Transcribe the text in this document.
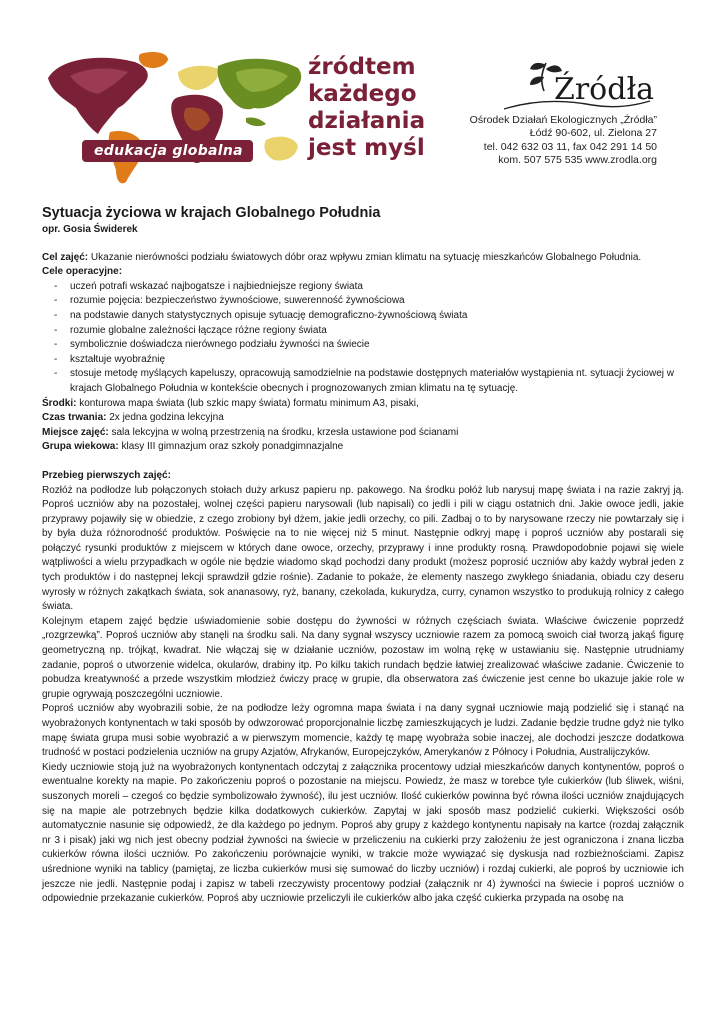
edukacja globalna
źródtem
każdego
działania
jest myśl
Źródła
Ośrodek Działań Ekologicznych „Źródła”
Łódź 90-602, ul. Zielona 27
tel. 042 632 03 11, fax 042 291 14 50
kom. 507 575 535 www.zrodla.org
Sytuacja życiowa w krajach Globalnego Południa
opr. Gosia Świderek

Cel zajęć: Ukazanie nierówności podziału światowych dóbr oraz wpływu zmian klimatu na sytuację mieszkańców Globalnego Południa.

Cele operacyjne:
- uczeń potrafi wskazać najbogatsze i najbiedniejsze regiony świata
- rozumie pojęcia: bezpieczeństwo żywnościowe, suwerenność żywnościowa
- na podstawie danych statystycznych opisuje sytuację demograficzno-żywnościową świata
- rozumie globalne zależności łączące różne regiony świata
- symbolicznie doświadcza nierównego podziału żywności na świecie
- kształtuje wyobraźnię
- stosuje metodę myślących kapeluszy, opracowują samodzielnie na podstawie dostępnych materiałów wystąpienia nt. sytuacji życiowej w krajach Globalnego Południa w kontekście obecnych i prognozowanych zmian klimatu na tę sytuację.

Środki: konturowa mapa świata (lub szkic mapy świata) formatu minimum A3, pisaki,

Czas trwania: 2x jedna godzina lekcyjna

Miejsce zajęć: sala lekcyjna w wolną przestrzenią na środku, krzesła ustawione pod ścianami

Grupa wiekowa: klasy III gimnazjum oraz szkoły ponadgimnazjalne

Przebieg pierwszych zajęć:

Rozłóż na podłodze lub połączonych stołach duży arkusz papieru np. pakowego. Na środku połóż lub narysuj mapę świata i na razie zakryj ją. Poproś uczniów aby na pozostałej, wolnej części papieru narysowali (lub napisali) co jedli i pili w ciągu ostatnich dni. Jakie owoce jedli, jakie przyprawy pojawiły się w obiedzie, z czego zrobiony był dżem, jakie jedli orzechy, co pili. Zadbaj o to by narysowane rzeczy nie powtarzały się i by była duża różnorodność produktów. Poświęcie na to nie więcej niż 5 minut. Następnie odkryj mapę i poproś uczniów aby postarali się połączyć rysunki produktów z miejscem w których dane owoce, orzechy, przyprawy i inne produkty rosną. Prawdopodobnie pojawi się wiele wątpliwości a wielu przypadkach w ogóle nie będzie wiadomo skąd pochodzi dany produkt (możesz poprosić uczniów aby każdy wybrał jeden z tych produktów i do następnej lekcji sprawdził gdzie rośnie). Zadanie to pokaże, że elementy naszego zwykłego śniadania, obiadu czy deseru wyrosły w różnych zakątkach świata, sok ananasowy, ryż, banany, czekolada, kukurydza, curry, cynamon wszystko to produkują rolnicy z całego świata.

Kolejnym etapem zajęć będzie uświadomienie sobie dostępu do żywności w różnych częściach świata. Właściwe ćwiczenie poprzedź „rozgrzewką”. Poproś uczniów aby stanęli na środku sali. Na dany sygnał wszyscy uczniowie razem za pomocą swoich ciał tworzą jakąś figurę geometryczną np. trójkąt, kwadrat. Nie włączaj się w działanie uczniów, pozostaw im wolną rękę w ustawianiu się. Następnie utrudniamy zadanie, poproś o utworzenie widelca, okularów, drabiny itp. Po kilku takich rundach będzie łatwiej zrealizować właściwe zadanie. Ćwiczenie to pobudza kreatywność a przede wszystkim młodzież ćwiczy pracę w grupie, dla obserwatora zaś ćwiczenie jest cenne bo ukazuje jakie role w grupie ogrywają poszczególni uczniowie.

Poproś uczniów aby wyobrazili sobie, że na podłodze leży ogromna mapa świata i na dany sygnał uczniowie mają podzielić się i stanąć na wyobrażonych kontynentach w taki sposób by odwzorować proporcjonalnie liczbę zamieszkujących je ludzi. Zadanie będzie trudne gdyż nie tylko mapę świata grupa musi sobie wyobrazić a w pierwszym momencie, każdy tę mapę wyobraża sobie inaczej, ale dochodzi jeszcze dodatkowa trudność w postaci podzielenia uczniów na grupy Azjatów, Afrykanów, Europejczyków, Amerykanów z Północy i Południa, Australijczyków.

Kiedy uczniowie stoją już na wyobrażonych kontynentach odczytaj z załącznika procentowy udział mieszkańców danych kontynentów, poproś o ewentualne korekty na mapie. Po zakończeniu poproś o pozostanie na miejscu. Powiedz, że masz w torebce tyle cukierków (lub śliwek, wiśni, suszonych moreli – czegoś co będzie symbolizowało żywność), ilu jest uczniów. Ilość cukierków powinna być równa ilości uczniów znajdujących się na mapie ale potrzebnych będzie kilka dodatkowych cukierków. Zapytaj w jaki sposób masz podzielić cukierki. Większości osób automatycznie nasunie się odpowiedź, że dla każdego po jednym. Poproś aby grupy z każdego kontynentu napisały na kartce (rozdaj załącznik nr 3 i pisak) jaki wg nich jest obecny podział żywności na świecie w przeliczeniu na cukierki przy założeniu że jest ograniczona i znana liczba cukierków równa ilości uczniów. Po zakończeniu porównajcie wyniki, w trakcie może wywiązać się dyskusja nad rozbieżnościami. Zapisz uśrednione wyniki na tablicy (pamiętaj, ze liczba cukierków musi się sumować do liczby uczniów) i rozdaj cukierki, ale poproś by uczniowie ich jeszcze nie jedli. Następnie podaj i zapisz w tabeli rzeczywisty procentowy podział (załącznik nr 4) żywności na świecie i poproś uczniów o odpowiednie przekazanie cukierków. Poproś aby uczniowie przeliczyli ile cukierków albo jaka część cukierka przypada na osobę na
